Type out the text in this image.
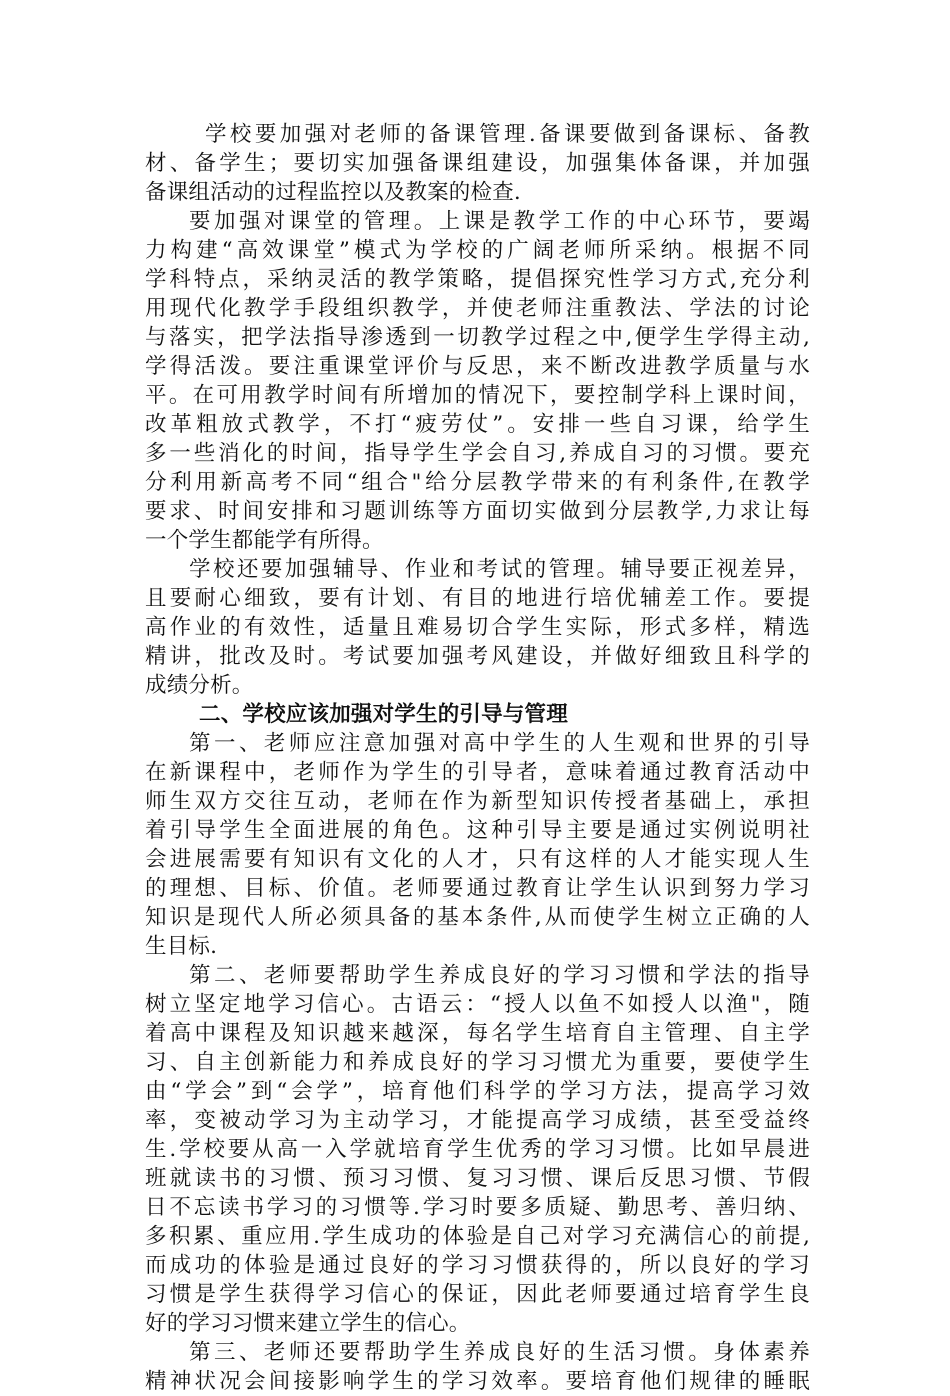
学校要加强对老师的备课管理.备课要做到备课标、备教
材、备学生；要切实加强备课组建设，加强集体备课，并加强
备课组活动的过程监控以及教案的检查.
要加强对课堂的管理。上课是教学工作的中心环节，要竭
力构建“高效课堂”模式为学校的广阔老师所采纳。根据不同
学科特点，采纳灵活的教学策略，提倡探究性学习方式,充分利
用现代化教学手段组织教学，并使老师注重教法、学法的讨论
与落实，把学法指导渗透到一切教学过程之中,便学生学得主动,
学得活泼。要注重课堂评价与反思，来不断改进教学质量与水
平。在可用教学时间有所增加的情况下，要控制学科上课时间，
改革粗放式教学，不打“疲劳仗”。安排一些自习课，给学生
多一些消化的时间，指导学生学会自习,养成自习的习惯。要充
分利用新高考不同“组合"给分层教学带来的有利条件,在教学
要求、时间安排和习题训练等方面切实做到分层教学,力求让每
一个学生都能学有所得。
学校还要加强辅导、作业和考试的管理。辅导要正视差异，
且要耐心细致，要有计划、有目的地进行培优辅差工作。要提
高作业的有效性，适量且难易切合学生实际，形式多样，精选
精讲，批改及时。考试要加强考风建设，并做好细致且科学的
成绩分析。
二、学校应该加强对学生的引导与管理
第一、老师应注意加强对高中学生的人生观和世界的引导
在新课程中，老师作为学生的引导者，意味着通过教育活动中
师生双方交往互动，老师在作为新型知识传授者基础上，承担
着引导学生全面进展的角色。这种引导主要是通过实例说明社
会进展需要有知识有文化的人才，只有这样的人才能实现人生
的理想、目标、价值。老师要通过教育让学生认识到努力学习
知识是现代人所必须具备的基本条件,从而使学生树立正确的人
生目标.
第二、老师要帮助学生养成良好的学习习惯和学法的指导
树立坚定地学习信心。古语云：“授人以鱼不如授人以渔"，随
着高中课程及知识越来越深，每名学生培育自主管理、自主学
习、自主创新能力和养成良好的学习习惯尤为重要，要使学生
由“学会”到“会学”，培育他们科学的学习方法，提高学习效
率，变被动学习为主动学习，才能提高学习成绩，甚至受益终
生.学校要从高一入学就培育学生优秀的学习习惯。比如早晨进
班就读书的习惯、预习习惯、复习习惯、课后反思习惯、节假
日不忘读书学习的习惯等.学习时要多质疑、勤思考、善归纳、
多积累、重应用.学生成功的体验是自己对学习充满信心的前提,
而成功的体验是通过良好的学习习惯获得的，所以良好的学习
习惯是学生获得学习信心的保证，因此老师要通过培育学生良
好的学习习惯来建立学生的信心。
第三、老师还要帮助学生养成良好的生活习惯。身体素养
精神状况会间接影响学生的学习效率。要培育他们规律的睡眠
